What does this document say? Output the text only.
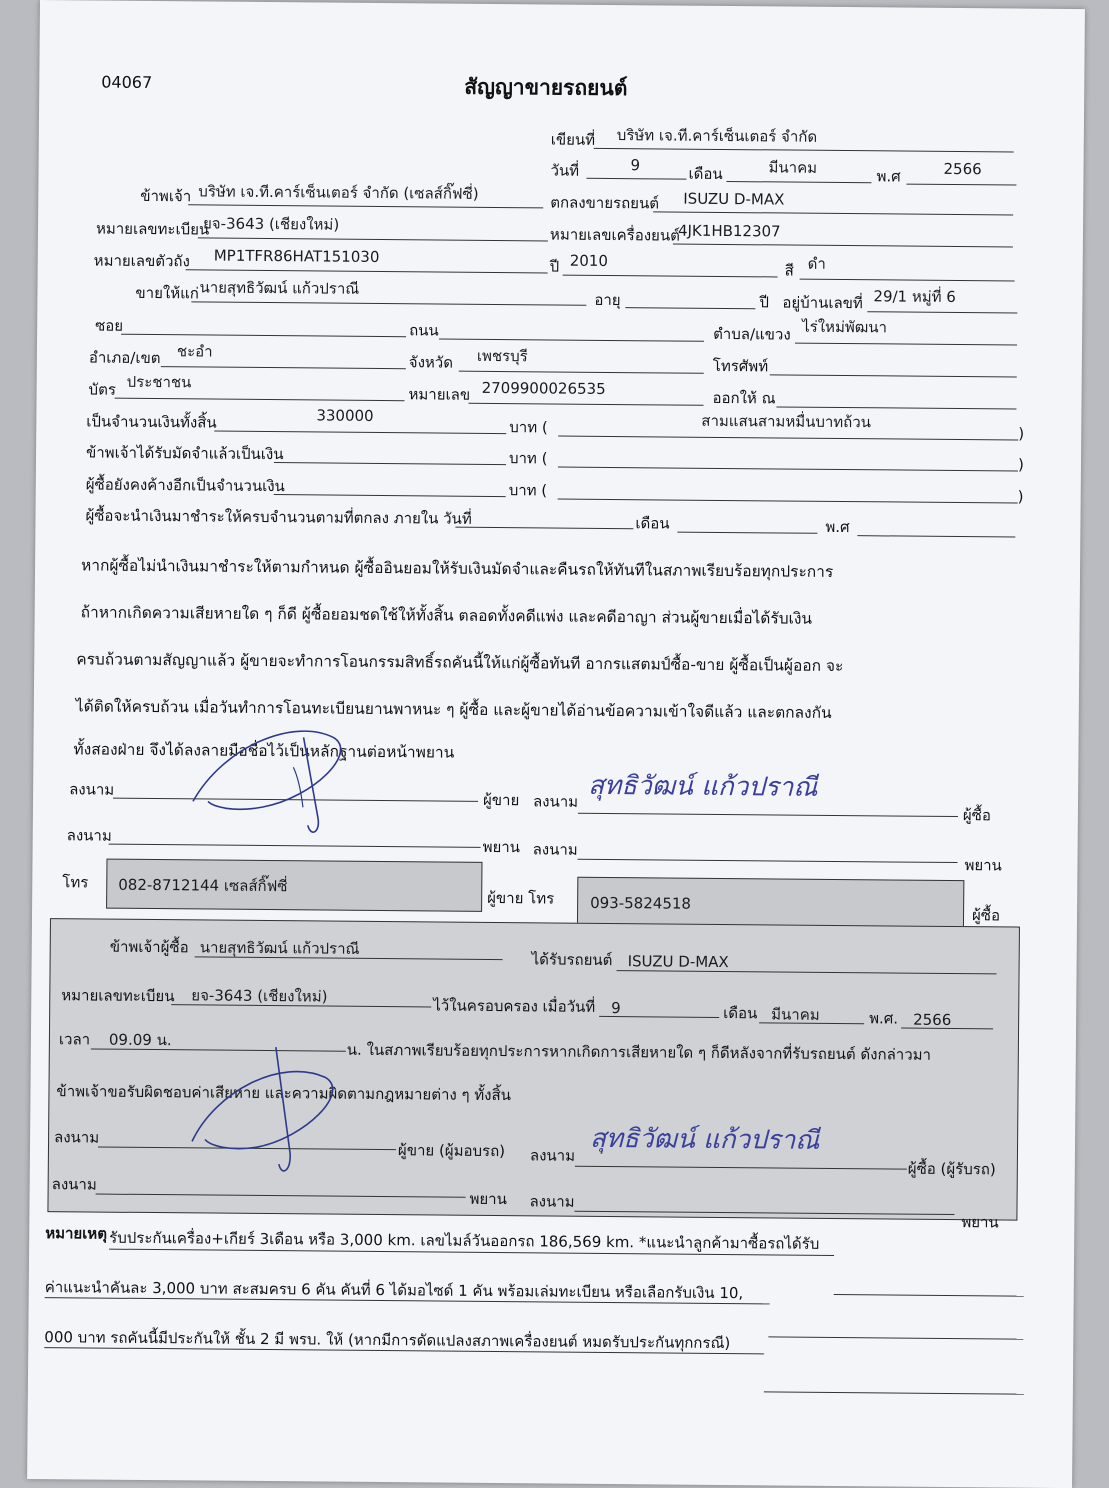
04067	สัญญาขายรถยนต์
เขียนที่ บริษัท เจ.ที.คาร์เซ็นเตอร์ จำกัด
วันที่	9	เดือน	มีนาคม	พ.ศ	2566
ข้าพเจ้า บริษัท เจ.ที.คาร์เซ็นเตอร์ จำกัด (เซลส์กิ๊ฟซี่)
ตกลงขายรถยนต์ ISUZU D-MAX
หมายเลขทะเบียน
ยจ-3643 (เชียงใหม่)
หมายเลขเครื่องยนต์
4JK1HB12307
หมายเลขตัวถัง MP1TFR86HAT151030
ปี 2010
สี ดำ
ขายให้แก่ นายสุทธิวัฒน์ แก้วปราณี
อายุ	ปี อยู่บ้านเลขที่ 29/1 หมู่ที่ 6
ซอย	ถนน	ตำบล/แขวง ไร่ใหม่พัฒนา
อำเภอ/เขต ชะอำ
จังหวัด เพชรบุรี
โทรศัพท์
บัตร ประชาชน
หมายเลข 2709900026535
ออกให้ ณ
เป็นจำนวนเงินทั้งสิ้น	330000
บาท (	สามแสนสามหมื่นบาทถ้วน
)
ข้าพเจ้าได้รับมัดจำแล้วเป็นเงิน	บาท (	)
ผู้ซื้อยังคงค้างอีกเป็นจำนวนเงิน	บาท (	)
ผู้ซื้อจะนำเงินมาชำระให้ครบจำนวนตามที่ตกลง ภายใน วันที่	เดือน	พ.ศ
หากผู้ซื้อไม่นำเงินมาชำระให้ตามกำหนด ผู้ซื้ออินยอมให้รับเงินมัดจำและคืนรถให้ทันทีในสภาพเรียบร้อยทุกประการ
ถ้าหากเกิดความเสียหายใด ๆ ก็ดี ผู้ซื้อยอมชดใช้ให้ทั้งสิ้น ตลอดทั้งคดีแพ่ง และคดีอาญา ส่วนผู้ขายเมื่อได้รับเงิน
ครบถ้วนตามสัญญาแล้ว ผู้ขายจะทำการโอนกรรมสิทธิ์รถคันนี้ให้แก่ผู้ซื้อทันที อากรแสตมป์ซื้อ-ขาย ผู้ซื้อเป็นผู้ออก จะ
ได้ติดให้ครบถ้วน เมื่อวันทำการโอนทะเบียนยานพาหนะ ๆ ผู้ซื้อ และผู้ขายได้อ่านข้อความเข้าใจดีแล้ว และตกลงกัน
ทั้งสองฝ่าย จึงได้ลงลายมือชื่อไว้เป็นหลักฐานต่อหน้าพยาน
ลงนาม
ผู้ขาย ลงนาม สุทธิวัฒน์ แก้วปราณี
ผู้ซื้อ
ลงนาม
พยาน ลงนาม
พยาน
โทร 082-8712144 เซลส์กิ๊ฟซี่
ผู้ขาย โทร 093-5824518
ผู้ซื้อ
ข้าพเจ้าผู้ซื้อ นายสุทธิวัฒน์ แก้วปราณี
ได้รับรถยนต์ ISUZU D-MAX
หมายเลขทะเบียน ยจ-3643 (เชียงใหม่)
ไว้ในครอบครอง เมื่อวันที่ 9	เดือน มีนาคม	พ.ศ. 2566
เวลา 09.09 น.
น. ในสภาพเรียบร้อยทุกประการหากเกิดการเสียหายใด ๆ ก็ดีหลังจากที่รับรถยนต์ ดังกล่าวมา
ข้าพเจ้าขอรับผิดชอบค่าเสียหาย และความผิดตามกฎหมายต่าง ๆ ทั้งสิ้น
ลงนาม
ผู้ขาย (ผู้มอบรถ) ลงนาม สุทธิวัฒน์ แก้วปราณี
ผู้ซื้อ (ผู้รับรถ)
ลงนาม
พยาน ลงนาม
พยาน
หมายเหตุ รับประกันเครื่อง+เกียร์ 3เดือน หรือ 3,000 km. เลขไมล์วันออกรถ 186,569 km. *แนะนำลูกค้ามาซื้อรถได้รับ
ค่าแนะนำคันละ 3,000 บาท สะสมครบ 6 คัน คันที่ 6 ได้มอไซด์ 1 คัน พร้อมเล่มทะเบียน หรือเลือกรับเงิน 10,
000 บาท รถคันนี้มีประกันให้ ชั้น 2 มี พรบ. ให้ (หากมีการดัดแปลงสภาพเครื่องยนต์ หมดรับประกันทุกกรณี)
